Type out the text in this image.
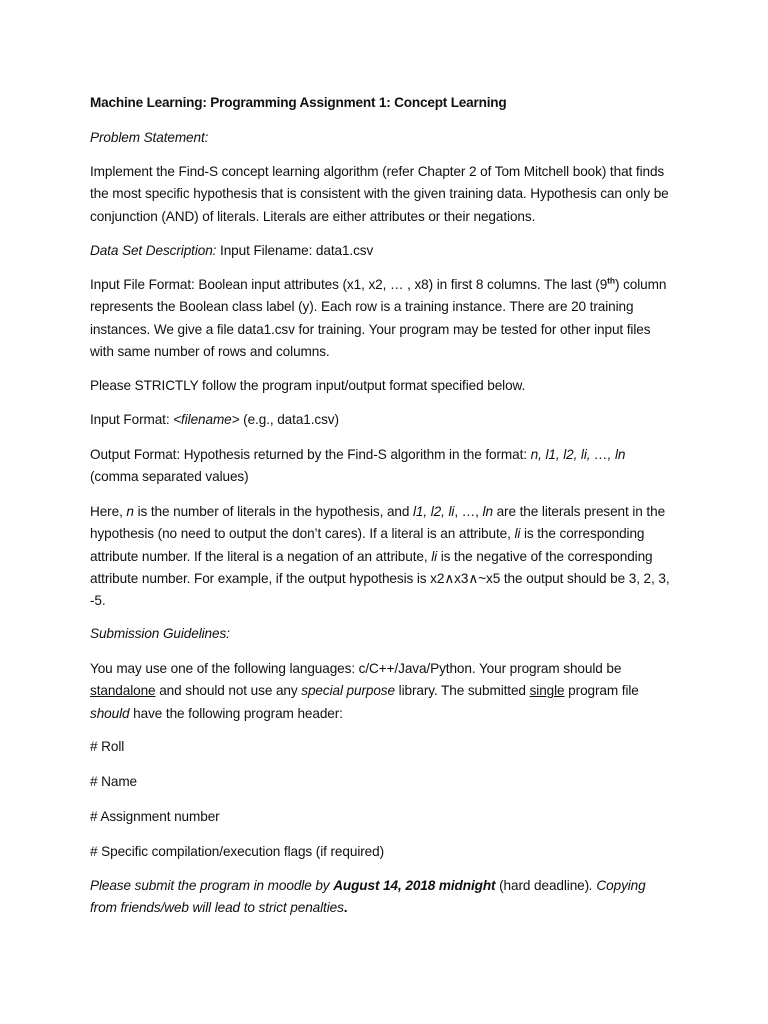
Machine Learning: Programming Assignment 1: Concept Learning

Problem Statement:

Implement the Find-S concept learning algorithm (refer Chapter 2 of Tom Mitchell book) that finds the most specific hypothesis that is consistent with the given training data. Hypothesis can only be conjunction (AND) of literals. Literals are either attributes or their negations.

Data Set Description: Input Filename: data1.csv

Input File Format: Boolean input attributes (x1, x2, … , x8) in first 8 columns. The last (9th) column represents the Boolean class label (y). Each row is a training instance. There are 20 training instances. We give a file data1.csv for training. Your program may be tested for other input files with same number of rows and columns.

Please STRICTLY follow the program input/output format specified below.

Input Format: <filename> (e.g., data1.csv)

Output Format: Hypothesis returned by the Find-S algorithm in the format: n, l1, l2, li, …, ln
(comma separated values)

Here, n is the number of literals in the hypothesis, and l1, l2, li, …, ln are the literals present in the hypothesis (no need to output the don’t cares). If a literal is an attribute, li is the corresponding attribute number. If the literal is a negation of an attribute, li is the negative of the corresponding attribute number. For example, if the output hypothesis is x2∧x3∧~x5 the output should be 3, 2, 3, -5.

Submission Guidelines:

You may use one of the following languages: c/C++/Java/Python. Your program should be standalone and should not use any special purpose library. The submitted single program file should have the following program header:

# Roll

# Name

# Assignment number

# Specific compilation/execution flags (if required)

Please submit the program in moodle by August 14, 2018 midnight (hard deadline). Copying from friends/web will lead to strict penalties.
